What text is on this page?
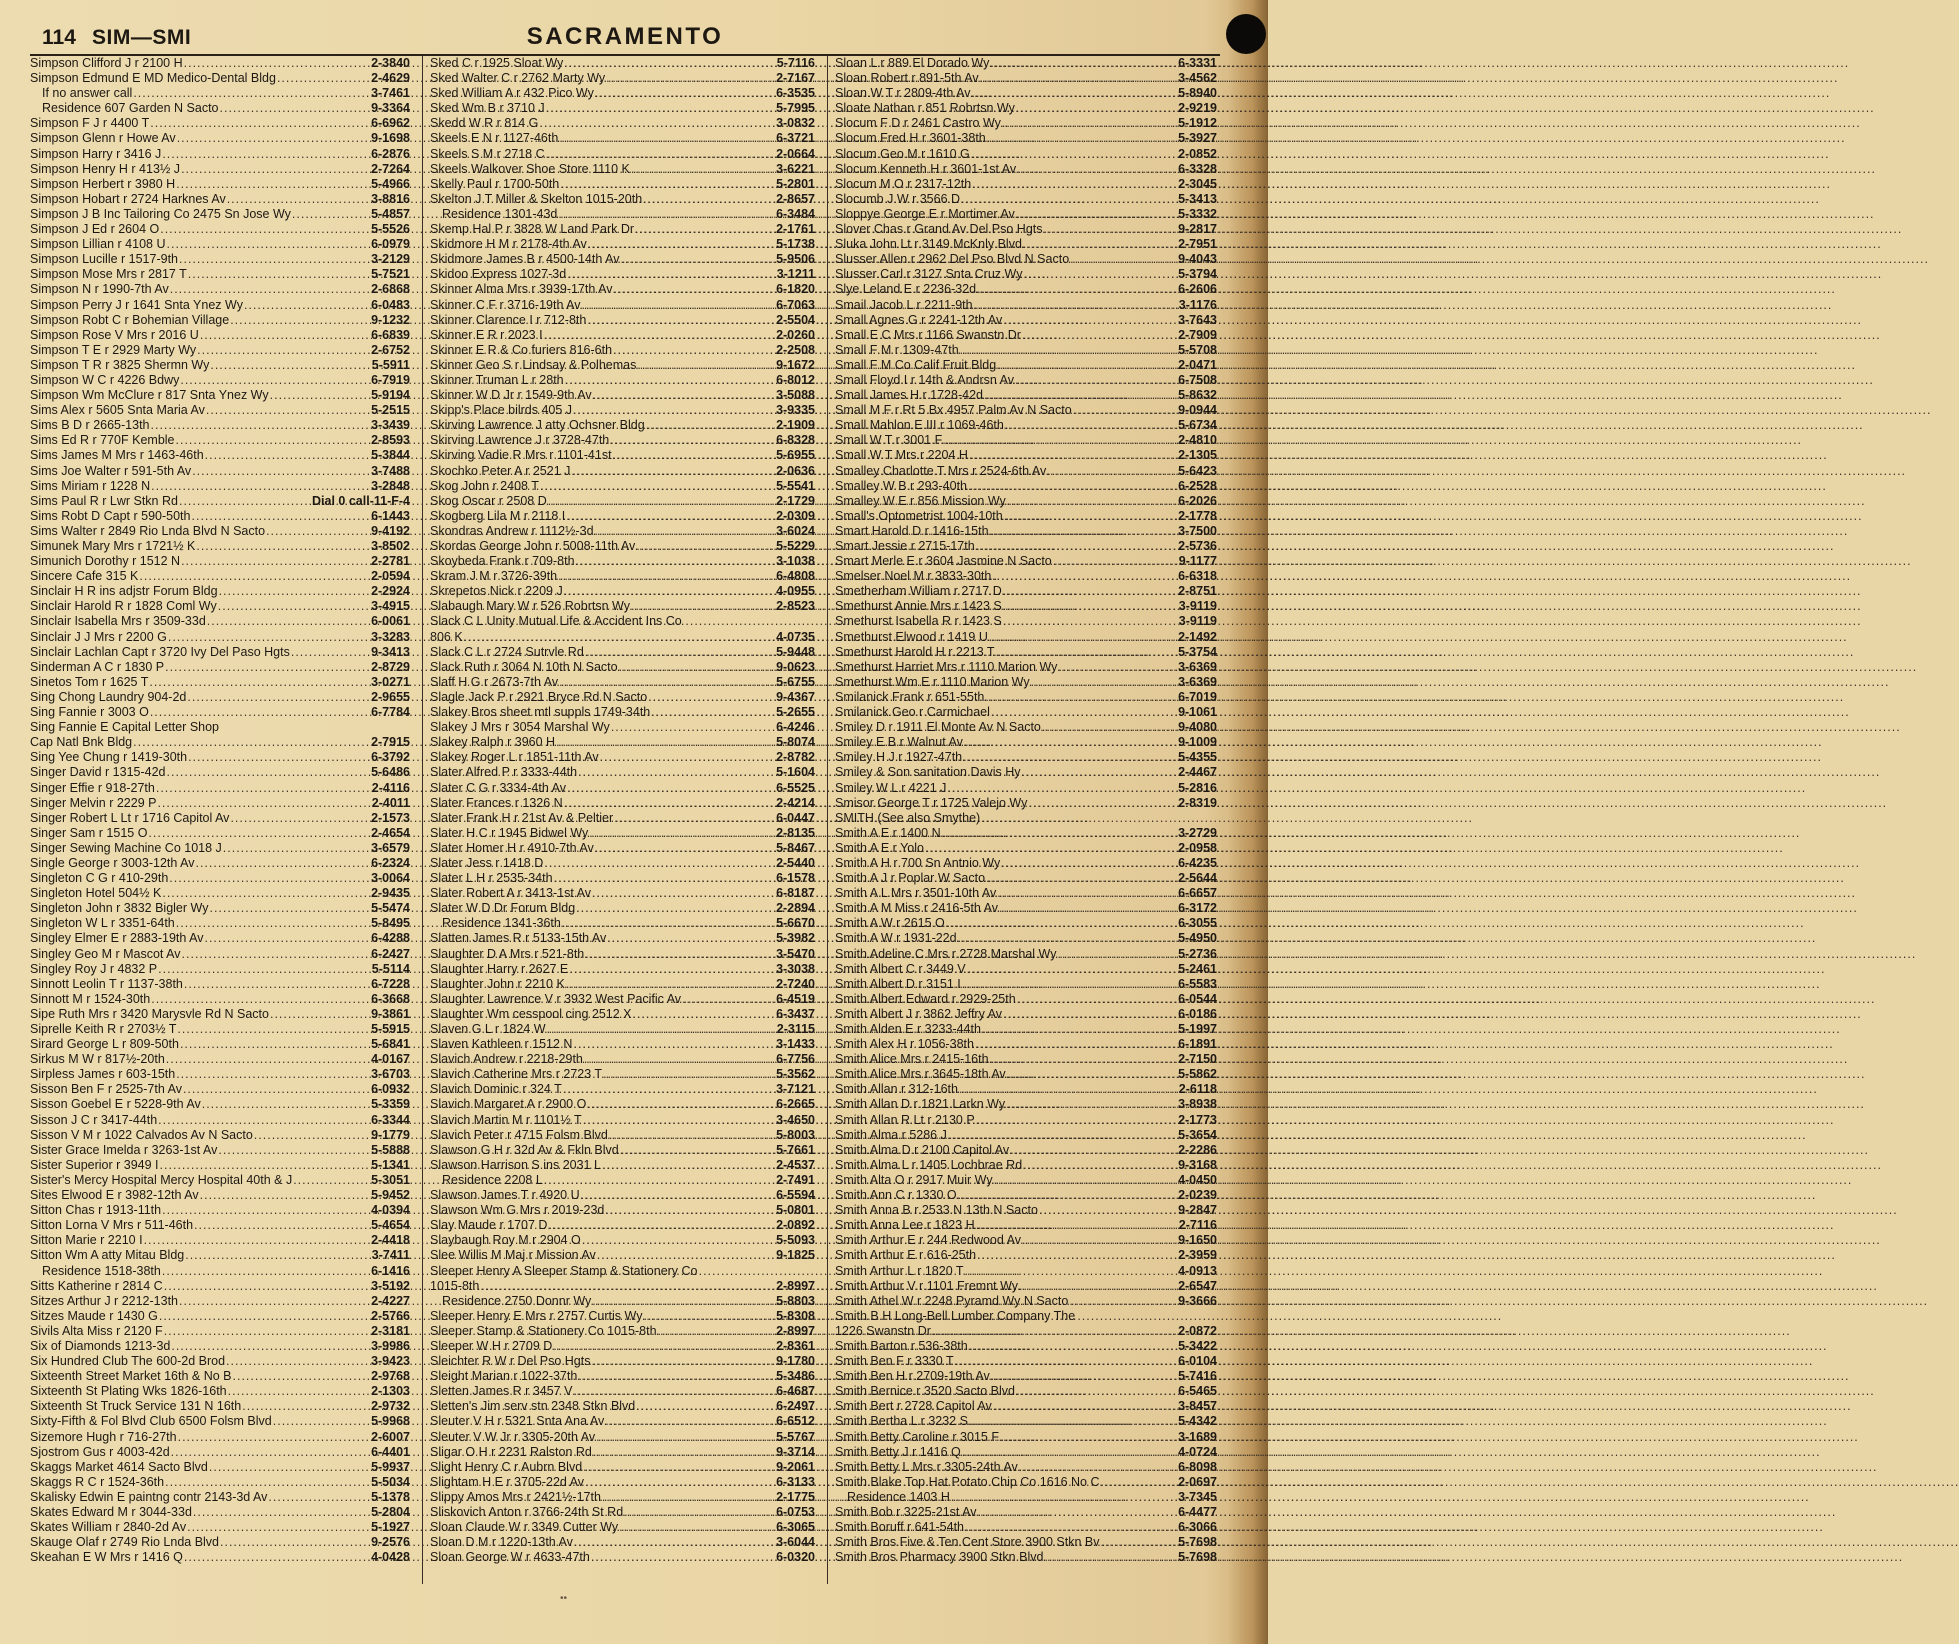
114 SIM—SMI	SACRAMENTO
Simpson Clifford J r 2100 H .....	2-3840
Simpson Edmund E MD Medico-Dental Bldg .....	2-4629
If no answer call .....	3-7461
Residence 607 Garden N Sacto .....	9-3364
Simpson F J r 4400 T .....	6-6962
Simpson Glenn r Howe Av .....	9-1698
Simpson Harry r 3416 J .....	6-2876
Simpson Henry H r 413½ J .....	2-7264
Simpson Herbert r 3980 H .....	5-4966
Simpson Hobart r 2724 Harknes Av .....	3-8816
Simpson J B Inc Tailoring Co 2475 Sn Jose Wy .....	5-4857
Simpson J Ed r 2604 O .....	5-5526
Simpson Lillian r 4108 U .....	6-0979
Simpson Lucille r 1517-9th .....	3-2129
Simpson Mose Mrs r 2817 T .....	5-7521
Simpson N r 1990-7th Av .....	2-6868
Simpson Perry J r 1641 Snta Ynez Wy .....	6-0483
Simpson Robt C r Bohemian Village .....	9-1232
Simpson Rose V Mrs r 2016 U .....	6-6839
Simpson T E r 2929 Marty Wy .....	2-6752
Simpson T R r 3825 Shermn Wy .....	5-5911
Simpson W C r 4226 Bdwy .....	6-7919
Simpson Wm McClure r 817 Snta Ynez Wy .....	5-9194
Sims Alex r 5605 Snta Maria Av .....	5-2515
Sims B D r 2665-13th .....	3-3439
Sims Ed R r 770F Kemble .....	2-8593
Sims James M Mrs r 1463-46th .....	5-3844
Sims Joe Walter r 591-5th Av .....	3-7488
Sims Miriam r 1228 N .....	3-2848
Sims Paul R r Lwr Stkn Rd .....	Dial 0 call-11-F-4
Sims Robt D Capt r 590-50th .....	6-1443
Sims Walter r 2849 Rio Lnda Blvd N Sacto .....	9-4192
Simunek Mary Mrs r 1721½ K .....	3-8502
Simunich Dorothy r 1512 N .....	2-2781
Sincere Cafe 315 K .....	2-0594
Sinclair H R ins adjstr Forum Bldg .....	2-2924
Sinclair Harold R r 1828 Coml Wy .....	3-4915
Sinclair Isabella Mrs r 3509-33d .....	6-0061
Sinclair J J Mrs r 2200 G .....	3-3283
Sinclair Lachlan Capt r 3720 Ivy Del Paso Hgts .....	9-3413
Sinderman A C r 1830 P .....	2-8729
Sinetos Tom r 1625 T .....	3-0271
Sing Chong Laundry 904-2d .....	2-9655
Sing Fannie r 3003 O .....	6-7784
Sing Fannie E Capital Letter Shop
Cap Natl Bnk Bldg .....	2-7915
Sing Yee Chung r 1419-30th .....	6-3792
Singer David r 1315-42d .....	5-6486
Singer Effie r 918-27th .....	2-4116
Singer Melvin r 2229 P .....	2-4011
Singer Robert L Lt r 1716 Capitol Av .....	2-1573
Singer Sam r 1515 O .....	2-4654
Singer Sewing Machine Co 1018 J .....	3-6579
Single George r 3003-12th Av .....	6-2324
Singleton C G r 410-29th .....	3-0064
Singleton Hotel 504½ K .....	2-9435
Singleton John r 3832 Bigler Wy .....	5-5474
Singleton W L r 3351-64th .....	5-8495
Singley Elmer E r 2883-19th Av .....	6-4288
Singley Geo M r Mascot Av .....	6-2427
Singley Roy J r 4832 P .....	5-5114
Sinnott Leolin T r 1137-38th .....	6-7228
Sinnott M r 1524-30th .....	6-3668
Sipe Ruth Mrs r 3420 Marysvle Rd N Sacto .....	9-3861
Siprelle Keith R r 2703½ T .....	5-5915
Sirard George L r 809-50th .....	5-6841
Sirkus M W r 817½-20th .....	4-0167
Sirpless James r 603-15th .....	3-6703
Sisson Ben F r 2525-7th Av .....	6-0932
Sisson Goebel E r 5228-9th Av .....	5-3359
Sisson J C r 3417-44th .....	6-3344
Sisson V M r 1022 Calvados Av N Sacto .....	9-1779
Sister Grace Imelda r 3263-1st Av .....	5-5888
Sister Superior r 3949 I .....	5-1341
Sister's Mercy Hospital Mercy Hospital 40th & J .....	5-3051
Sites Elwood E r 3982-12th Av .....	5-9452
Sitton Chas r 1913-11th .....	4-0394
Sitton Lorna V Mrs r 511-46th .....	5-4654
Sitton Marie r 2210 I .....	2-4418
Sitton Wm A atty Mitau Bldg .....	3-7411
Residence 1518-38th .....	6-1416
Sitts Katherine r 2814 C .....	3-5192
Sitzes Arthur J r 2212-13th .....	2-4227
Sitzes Maude r 1430 G .....	2-5766
Sivils Alta Miss r 2120 F .....	2-3181
Six of Diamonds 1213-3d .....	3-9986
Six Hundred Club The 600-2d Brod .....	3-9423
Sixteenth Street Market 16th & No B .....	2-9768
Sixteenth St Plating Wks 1826-16th .....	2-1303
Sixteenth St Truck Service 131 N 16th .....	2-9732
Sixty-Fifth & Fol Blvd Club 6500 Folsm Blvd .....	5-9968
Sizemore Hugh r 716-27th .....	2-6007
Sjostrom Gus r 4003-42d .....	6-4401
Skaggs Market 4614 Sacto Blvd .....	5-9937
Skaggs R C r 1524-36th .....	5-5034
Skalisky Edwin E paintng contr 2143-3d Av .....	5-1378
Skates Edward M r 3044-33d .....	5-2804
Skates William r 2840-2d Av .....	5-1927
Skauge Olaf r 2749 Rio Lnda Blvd .....	9-2576
Skeahan E W Mrs r 1416 Q .....	4-0428
Sked C r 1925 Sloat Wy .....	5-7116
Sked Walter C r 2762 Marty Wy .....	2-7167
Sked William A r 432 Pico Wy .....	6-3535
Sked Wm B r 3710 J .....	5-7995
Skedd W R r 814 G .....	3-0832
Skeels E N r 1127-46th .....	6-3721
Skeels S M r 2718 C .....	2-0664
Skeels Walkover Shoe Store 1110 K .....	3-6221
Skelly Paul r 1700-50th .....	5-2801
Skelton J T Miller & Skelton 1015-20th .....	2-8657
Residence 1301-43d .....	6-3484
Skemp Hal P r 3828 W Land Park Dr .....	2-1761
Skidmore H M r 2178-4th Av .....	5-1738
Skidmore James B r 4500-14th Av .....	5-9506
Skidoo Express 1027-3d .....	3-1211
Skinner Alma Mrs r 3939-17th Av .....	6-1820
Skinner C F r 3716-19th Av .....	6-7063
Skinner Clarence I r 712-8th .....	2-5504
Skinner E R r 2023 I .....	2-0260
Skinner E R & Co furiers 816-6th .....	2-2508
Skinner Geo S r Lindsay & Polhemas .....	9-1672
Skinner Truman L r 28th .....	6-8012
Skinner W D Jr r 1549-9th Av .....	3-5088
Skipp's Place bilrds 405 J .....	3-9335
Skirving Lawrence J atty Ochsner Bldg .....	2-1909
Skirving Lawrence J r 3728-47th .....	6-8328
Skirving Vadie R Mrs r 1101-41st .....	5-6955
Skochko Peter A r 2521 J .....	2-0636
Skog John r 2408 T .....	5-5541
Skog Oscar r 2508 D .....	2-1729
Skogberg Lila M r 2118 I .....	2-0309
Skondras Andrew r 1112½-3d .....	3-6024
Skordas George John r 5008-11th Av .....	5-5229
Skoybeda Frank r 709-8th .....	3-1038
Skram J M r 3726-39th .....	6-4808
Skrepetos Nick r 2209 J .....	4-0955
Slabaugh Mary W r 526 Robrtsn Wy .....	2-8523
Slack C L Unity Mutual Life & Accident Ins Co
806 K .....	4-0735
Slack C L r 2724 Sutrvle Rd .....	5-9448
Slack Ruth r 3064 N 10th N Sacto .....	9-0623
Slaff H G r 2673-7th Av .....	5-6755
Slagle Jack P r 2921 Bryce Rd N Sacto .....	9-4367
Slakey Bros sheet mtl suppls 1749-34th .....	5-2655
Slakey J Mrs r 3054 Marshal Wy .....	6-4246
Slakey Ralph r 3960 H .....	5-8074
Slakey Roger L r 1851-11th Av .....	2-8782
Slater Alfred P r 3333-44th .....	5-1604
Slater C G r 3334-4th Av .....	6-5525
Slater Frances r 1326 N .....	2-4214
Slater Frank H r 21st Av & Peltier .....	6-0447
Slater H C r 1945 Bidwel Wy .....	2-8135
Slater Homer H r 4910-7th Av .....	5-8467
Slater Jess r 1418 D .....	2-5440
Slater L H r 2535-34th .....	6-1578
Slater Robert A r 3413-1st Av .....	6-8187
Slater W D Dr Forum Bldg .....	2-2894
Residence 1341-36th .....	5-6670
Slatten James R r 5133-15th Av .....	5-3982
Slaughter D A Mrs r 521-8th .....	3-5470
Slaughter Harry r 2627 E .....	3-3038
Slaughter John r 2210 K .....	2-7240
Slaughter Lawrence V r 3932 West Pacific Av .....	6-4519
Slaughter Wm cesspool cing 2512 X .....	6-3437
Slaven G L r 1824 W .....	2-3115
Slaven Kathleen r 1512 N .....	3-1433
Slavich Andrew r 2218-29th .....	6-7756
Slavich Catherine Mrs r 2723 T .....	5-3562
Slavich Dominic r 324 T .....	3-7121
Slavich Margaret A r 2900 O .....	6-2665
Slavich Martin M r 1101½ T .....	3-4650
Slavich Peter r 4715 Folsm Blvd .....	5-8003
Slawson G H r 32d Av & Fkln Blvd .....	5-7661
Slawson Harrison S ins 2031 L .....	2-4537
Residence 2208 L .....	2-7491
Slawson James T r 4920 U .....	6-5594
Slawson Wm G Mrs r 2019-23d .....	5-0801
Slay Maude r 1707 D .....	2-0892
Slaybaugh Roy M r 2904 O .....	5-5093
Slee Willis M Maj r Mission Av .....	9-1825
Sleeper Henry A Sleeper Stamp & Stationery Co
1015-8th .....	2-8997
Residence 2750 Donnr Wy .....	5-8803
Sleeper Henry E Mrs r 2757 Curtis Wy .....	5-8308
Sleeper Stamp & Stationery Co 1015-8th .....	2-8997
Sleeper W H r 2709 D .....	2-8361
Sleichter R W r Del Pso Hgts .....	9-1780
Sleight Marian r 1022-37th .....	5-3486
Sletten James R r 3457 V .....	6-4687
Sletten's Jim serv stn 2348 Stkn Blvd .....	6-2497
Sleuter V H r 5321 Snta Ana Av .....	6-6512
Sleuter V W Jr r 3305-20th Av .....	5-5767
Sligar O H r 2231 Ralston Rd .....	9-3714
Slight Henry C r Aubrn Blvd .....	9-2061
Slightam H E r 3705-22d Av .....	6-3133
Slippy Amos Mrs r 2421½-17th .....	2-1775
Sliskovich Anton r 3766-24th St Rd .....	6-0753
Sloan Claude W r 3349 Cutter Wy .....	6-3065
Sloan D M r 1220-13th Av .....	3-6044
Sloan George W r 4633-47th .....	6-0320
Sloan L r 889 El Dorado Wy .....	6-3331
Sloan Robert r 891-5th Av .....	3-4562
Sloan W T r 2809-4th Av .....	5-8940
Sloate Nathan r 851 Robrtsn Wy .....	2-9219
Slocum F D r 2461 Castro Wy .....	5-1912
Slocum Fred H r 3601-38th .....	5-3927
Slocum Geo M r 1610 G .....	2-0852
Slocum Kenneth H r 3601-1st Av .....	6-3328
Slocum M O r 2317-12th .....	2-3045
Slocumb J W r 3566 D .....	5-3413
Sloppye George E r Mortimer Av .....	5-3332
Slover Chas r Grand Av Del Pso Hgts .....	9-2817
Sluka John Lt r 3149 McKnly Blvd .....	2-7951
Slusser Allen r 2962 Del Pso Blvd N Sacto .....	9-4043
Slusser Carl r 3127 Snta Cruz Wy .....	5-3794
Slye Leland E r 2236-32d .....	6-2606
Smail Jacob L r 2211-9th .....	3-1176
Small Agnes G r 2241-12th Av .....	3-7643
Small E C Mrs r 1166 Swanstn Dr .....	2-7909
Small F M r 1309-47th .....	5-5708
Small F M Co Calif Fruit Bldg .....	2-0471
Small Floyd I r 14th & Andrsn Av .....	6-7508
Small James H r 1728-42d .....	5-8632
Small M F r Rt 5 Bx 4957 Palm Av N Sacto .....	9-0944
Small Mahlon E III r 1069-46th .....	5-6734
Small W T r 3001 F .....	2-4810
Small W T Mrs r 2204 H .....	2-1305
Smalley Charlotte T Mrs r 2524-6th Av .....	5-6423
Smalley W B r 293-40th .....	6-2528
Smalley W E r 856 Mission Wy .....	6-2026
Small's Optometrist 1004-10th .....	2-1778
Smart Harold D r 1416-15th .....	3-7500
Smart Jessie r 2715-17th .....	2-5736
Smart Merle E r 3604 Jasmine N Sacto .....	9-1177
Smelser Noel M r 3833-30th .....	6-6318
Smetherham William r 2717 D .....	2-8751
Smethurst Annie Mrs r 1423 S .....	3-9119
Smethurst Isabella R r 1423 S .....	3-9119
Smethurst Elwood r 1419 U .....	2-1492
Smethurst Harold H r 2213 T .....	5-3754
Smethurst Harriet Mrs r 1110 Marion Wy .....	3-6369
Smethurst Wm E r 1110 Marion Wy .....	3-6369
Smilanick Frank r 651-55th .....	6-7019
Smilanick Geo r Carmichael .....	9-1061
Smiley D r 1911 El Monte Av N Sacto .....	9-4080
Smiley E B r Walnut Av .....	9-1009
Smiley H J r 1927-47th .....	5-4355
Smiley & Son sanitation Davis Hy .....	2-4467
Smiley W L r 4221 J .....	5-2816
Smisor George T r 1725 Valejo Wy .....	2-8319
SMITH (See also Smythe)
Smith A E r 1400 N .....	3-2729
Smith A E r Yolo .....	2-0958
Smith A H r 700 Sn Antnio Wy .....	6-4235
Smith A J r Poplar W Sacto .....	2-5644
Smith A L Mrs r 3501-10th Av .....	6-6657
Smith A M Miss r 2416-5th Av .....	6-3172
Smith A W r 2615 O .....	6-3055
Smith A W r 1931-22d .....	5-4950
Smith Adeline C Mrs r 2728 Marshal Wy .....	5-2736
Smith Albert C r 3449 V .....	5-2461
Smith Albert D r 3151 I .....	6-5583
Smith Albert Edward r 2929-25th .....	6-0544
Smith Albert J r 3862 Jeffry Av .....	6-0186
Smith Alden E r 3233-44th .....	5-1997
Smith Alex H r 1056-38th .....	6-1891
Smith Alice Mrs r 2415-16th .....	2-7150
Smith Alice Mrs r 3645-18th Av .....	5-5862
Smith Allan r 312-16th .....	2-6118
Smith Allan D r 1821 Larkn Wy .....	3-8938
Smith Allan R Lt r 2130 P .....	2-1773
Smith Alma r 5286 J .....	5-3654
Smith Alma D r 2100 Capitol Av .....	2-2286
Smith Alma L r 1405 Lochbrae Rd .....	9-3168
Smith Alta O r 2917 Muir Wy .....	4-0450
Smith Ann C r 1330 O .....	2-0239
Smith Anna B r 2533 N 13th N Sacto .....	9-2847
Smith Anna Lee r 1823 H .....	2-7116
Smith Arthur E r 244 Redwood Av .....	9-1650
Smith Arthur E r 616-25th .....	2-3959
Smith Arthur L r 1820 T .....	4-0913
Smith Arthur V r 1101 Fremnt Wy .....	2-6547
Smith Athel W r 2248 Pyramd Wy N Sacto .....	9-3666
Smith B H Long-Bell Lumber Company The
1226 Swanstn Dr .....	2-0872
Smith Barton r 536-38th .....	5-3422
Smith Ben F r 3330 T .....	6-0104
Smith Ben H r 2709-19th Av .....	5-7416
Smith Bernice r 3520 Sacto Blvd .....	6-5465
Smith Bert r 2728 Capitol Av .....	3-8457
Smith Bertha L r 3232 S .....	5-4342
Smith Betty Caroline r 3015 F .....	3-1689
Smith Betty J r 1416 Q .....	4-0724
Smith Betty L Mrs r 3305-24th Av .....	6-8098
Smith Blake Top Hat Potato Chip Co 1616 No C .....	2-0697
Residence 1403 H .....	3-7345
Smith Bob r 3225-21st Av .....	6-4477
Smith Boruff r 641-54th .....	6-3066
Smith Bros Five & Ten Cent Store 3900 Stkn Bv .....	5-7698
Smith Bros Pharmacy 3900 Stkn Blvd .....	5-7698
••
